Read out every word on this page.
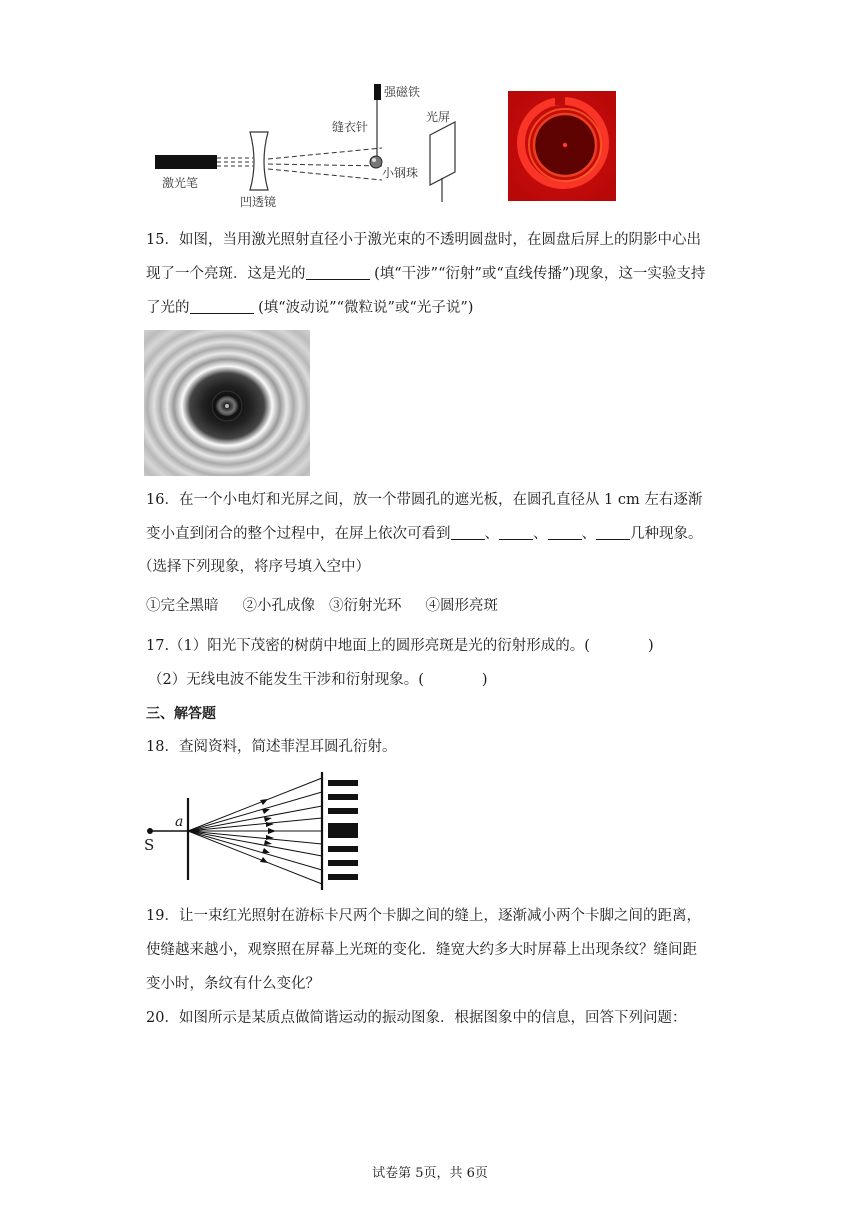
强磁铁
缝衣针
光屏
激光笔
凹透镜
小钢珠
15．如图，当用激光照射直径小于激光束的不透明圆盘时，在圆盘后屏上的阴影中心出
现了一个亮斑．这是光的	(填“干涉”“衍射”或“直线传播”)现象，这一实验支持
了光的	(填“波动说”“微粒说”或“光子说”)
16．在一个小电灯和光屏之间，放一个带圆孔的遮光板，在圆孔直径从 1 cm 左右逐渐
变小直到闭合的整个过程中，在屏上依次可看到 、 、 、 几种现象。
（选择下列现象，将序号填入空中）
①完全黑暗 ②小孔成像 ③衍射光环 ④圆形亮斑
17.（1）阳光下茂密的树荫中地面上的圆形亮斑是光的衍射形成的。(	)
（2）无线电波不能发生干涉和衍射现象。(	)
三、解答题
18．查阅资料，简述菲涅耳圆孔衍射。
a
S
19．让一束红光照射在游标卡尺两个卡脚之间的缝上，逐渐减小两个卡脚之间的距离，
使缝越来越小，观察照在屏幕上光斑的变化．缝宽大约多大时屏幕上出现条纹？缝间距
变小时，条纹有什么变化？
20．如图所示是某质点做简谐运动的振动图象．根据图象中的信息，回答下列问题：
试卷第 5页，共 6页
